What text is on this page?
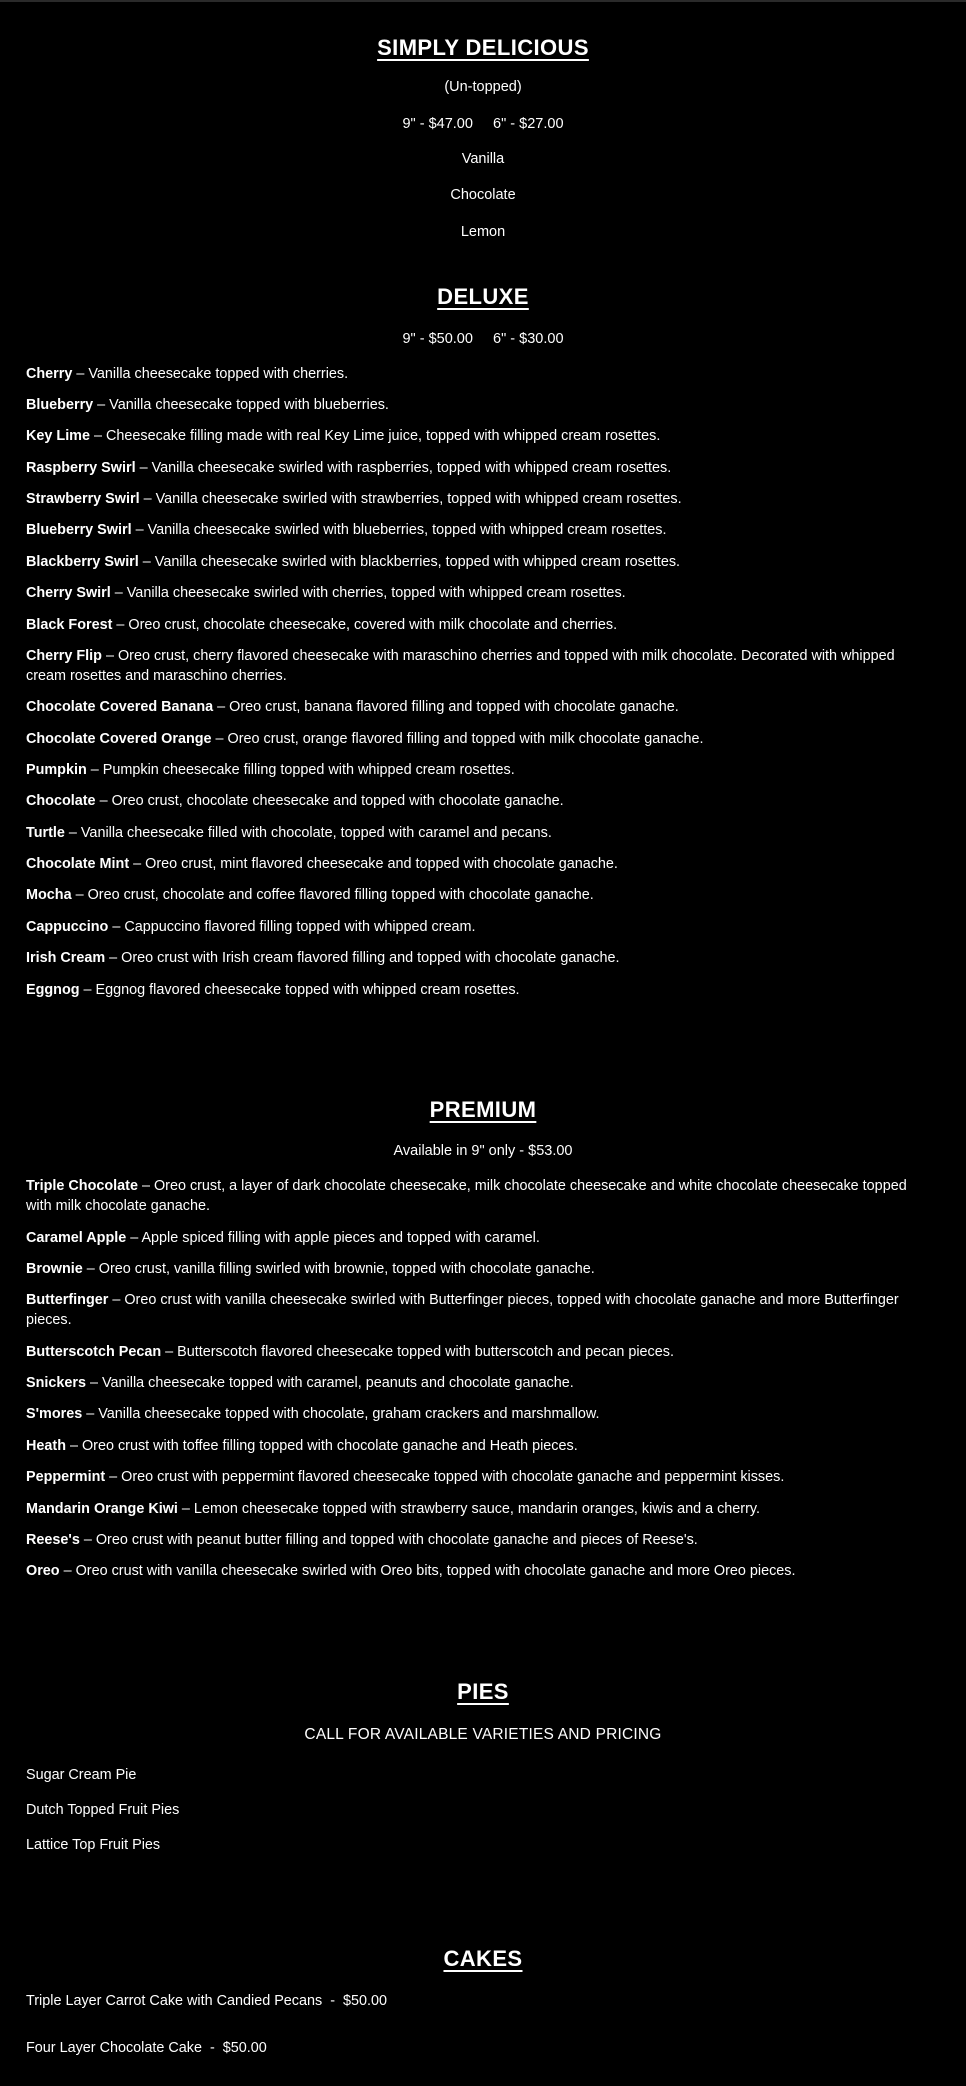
SIMPLY DELICIOUS
(Un-topped)
9" - $47.00     6" - $27.00
Vanilla
Chocolate
Lemon
DELUXE
9" - $50.00     6" - $30.00

Cherry – Vanilla cheesecake topped with cherries.

Blueberry – Vanilla cheesecake topped with blueberries.

Key Lime – Cheesecake filling made with real Key Lime juice, topped with whipped cream rosettes.

Raspberry Swirl – Vanilla cheesecake swirled with raspberries, topped with whipped cream rosettes.

Strawberry Swirl – Vanilla cheesecake swirled with strawberries, topped with whipped cream rosettes.

Blueberry Swirl – Vanilla cheesecake swirled with blueberries, topped with whipped cream rosettes.

Blackberry Swirl – Vanilla cheesecake swirled with blackberries, topped with whipped cream rosettes.

Cherry Swirl – Vanilla cheesecake swirled with cherries, topped with whipped cream rosettes.

Black Forest – Oreo crust, chocolate cheesecake, covered with milk chocolate and cherries.

Cherry Flip – Oreo crust, cherry flavored cheesecake with maraschino cherries and topped with milk chocolate. Decorated with whipped cream rosettes and maraschino cherries.

Chocolate Covered Banana – Oreo crust, banana flavored filling and topped with chocolate ganache.

Chocolate Covered Orange – Oreo crust, orange flavored filling and topped with milk chocolate ganache.

Pumpkin – Pumpkin cheesecake filling topped with whipped cream rosettes.

Chocolate – Oreo crust, chocolate cheesecake and topped with chocolate ganache.

Turtle – Vanilla cheesecake filled with chocolate, topped with caramel and pecans.

Chocolate Mint – Oreo crust, mint flavored cheesecake and topped with chocolate ganache.

Mocha – Oreo crust, chocolate and coffee flavored filling topped with chocolate ganache.

Cappuccino – Cappuccino flavored filling topped with whipped cream.

Irish Cream – Oreo crust with Irish cream flavored filling and topped with chocolate ganache.

Eggnog – Eggnog flavored cheesecake topped with whipped cream rosettes.

PREMIUM
Available in 9" only - $53.00

Triple Chocolate – Oreo crust, a layer of dark chocolate cheesecake, milk chocolate cheesecake and white chocolate cheesecake topped with milk chocolate ganache.

Caramel Apple – Apple spiced filling with apple pieces and topped with caramel.

Brownie – Oreo crust, vanilla filling swirled with brownie, topped with chocolate ganache.

Butterfinger – Oreo crust with vanilla cheesecake swirled with Butterfinger pieces, topped with chocolate ganache and more Butterfinger pieces.

Butterscotch Pecan – Butterscotch flavored cheesecake topped with butterscotch and pecan pieces.

Snickers – Vanilla cheesecake topped with caramel, peanuts and chocolate ganache.

S'mores – Vanilla cheesecake topped with chocolate, graham crackers and marshmallow.

Heath – Oreo crust with toffee filling topped with chocolate ganache and Heath pieces.

Peppermint – Oreo crust with peppermint flavored cheesecake topped with chocolate ganache and peppermint kisses.

Mandarin Orange Kiwi – Lemon cheesecake topped with strawberry sauce, mandarin oranges, kiwis and a cherry.

Reese's – Oreo crust with peanut butter filling and topped with chocolate ganache and pieces of Reese's.

Oreo – Oreo crust with vanilla cheesecake swirled with Oreo bits, topped with chocolate ganache and more Oreo pieces.

PIES
CALL FOR AVAILABLE VARIETIES AND PRICING

Sugar Cream Pie

Dutch Topped Fruit Pies

Lattice Top Fruit Pies

CAKES

Triple Layer Carrot Cake with Candied Pecans  -  $50.00

Four Layer Chocolate Cake  -  $50.00
